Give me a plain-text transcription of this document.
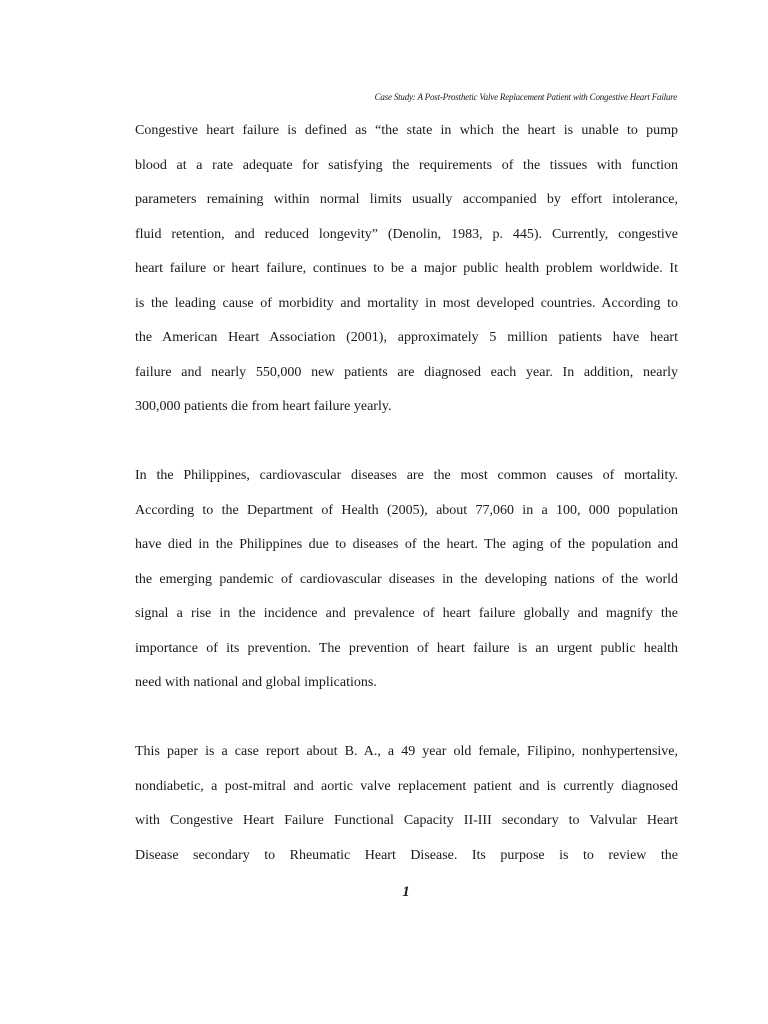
Case Study: A Post-Prosthetic Valve Replacement Patient with Congestive Heart Failure

Congestive heart failure is defined as “the state in which the heart is unable to pump
blood at a rate adequate for satisfying the requirements of the tissues with function
parameters remaining within normal limits usually accompanied by effort intolerance,
fluid retention, and reduced longevity” (Denolin, 1983, p. 445). Currently, congestive
heart failure or heart failure, continues to be a major public health problem worldwide. It
is the leading cause of morbidity and mortality in most developed countries. According to
the American Heart Association (2001), approximately 5 million patients have heart
failure and nearly 550,000 new patients are diagnosed each year. In addition, nearly
300,000 patients die from heart failure yearly.

In the Philippines, cardiovascular diseases are the most common causes of mortality.
According to the Department of Health (2005), about 77,060 in a 100, 000 population
have died in the Philippines due to diseases of the heart. The aging of the population and
the emerging pandemic of cardiovascular diseases in the developing nations of the world
signal a rise in the incidence and prevalence of heart failure globally and magnify the
importance of its prevention. The prevention of heart failure is an urgent public health
need with national and global implications.

This paper is a case report about B. A., a 49 year old female, Filipino, nonhypertensive,
nondiabetic, a post-mitral and aortic valve replacement patient and is currently diagnosed
with Congestive Heart Failure Functional Capacity II-III secondary to Valvular Heart
Disease secondary to Rheumatic Heart Disease. Its purpose is to review the

1
